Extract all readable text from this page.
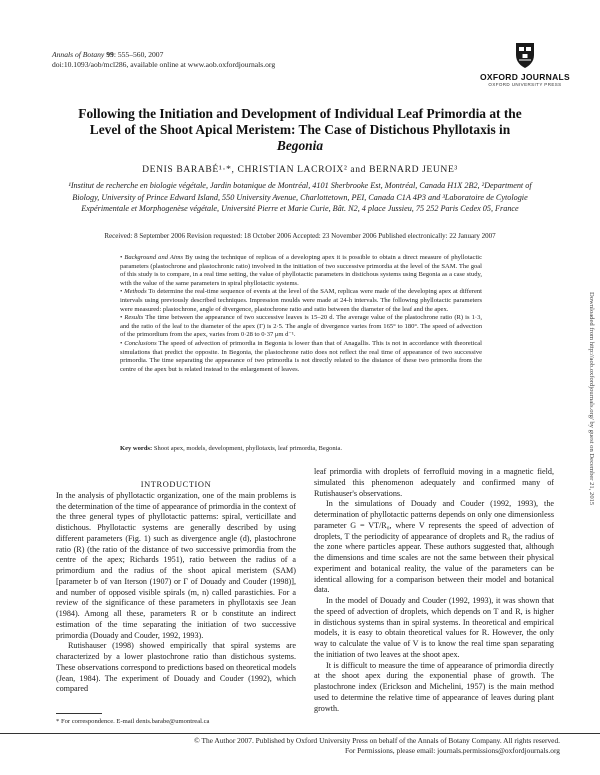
Annals of Botany 99: 555–560, 2007
doi:10.1093/aob/mcl286, available online at www.aob.oxfordjournals.org
OXFORD JOURNALS
OXFORD UNIVERSITY PRESS
Following the Initiation and Development of Individual Leaf Primordia at the Level of the Shoot Apical Meristem: The Case of Distichous Phyllotaxis in Begonia
DENIS BARABÉ¹·*, CHRISTIAN LACROIX² and BERNARD JEUNE³
¹Institut de recherche en biologie végétale, Jardin botanique de Montréal, 4101 Sherbrooke Est, Montréal, Canada H1X 2B2, ²Department of Biology, University of Prince Edward Island, 550 University Avenue, Charlottetown, PEI, Canada C1A 4P3 and ³Laboratoire de Cytologie Expérimentale et Morphogenèse végétale, Université Pierre et Marie Curie, Bât. N2, 4 place Jussieu, 75 252 Paris Cedex 05, France
Received: 8 September 2006 Revision requested: 18 October 2006 Accepted: 23 November 2006 Published electronically: 22 January 2007

• Background and Aims By using the technique of replicas of a developing apex it is possible to obtain a direct measure of phyllotactic parameters (plastochrone and plastochronic ratio) involved in the initiation of two successive primordia at the level of the SAM. The goal of this study is to compare, in a real time setting, the value of phyllotactic parameters in distichous systems using Begonia as a case study, with the value of the same parameters in spiral phyllotactic systems.

• Methods To determine the real-time sequence of events at the level of the SAM, replicas were made of the developing apex at different intervals using previously described techniques. Impression moulds were made at 24-h intervals. The following phyllotactic parameters were measured: plastochrone, angle of divergence, plastochrone ratio and ratio between the diameter of the leaf and the apex.

• Results The time between the appearance of two successive leaves is 15–20 d. The average value of the plastochrone ratio (R) is 1·3, and the ratio of the leaf to the diameter of the apex (Γ) is 2·5. The angle of divergence varies from 165° to 180°. The speed of advection of the primordium from the apex, varies from 0·28 to 0·37 μm d⁻¹.

• Conclusions The speed of advection of primordia in Begonia is lower than that of Anagallis. This is not in accordance with theoretical simulations that predict the opposite. In Begonia, the plastochrone ratio does not reflect the real time of appearance of two successive primordia. The time separating the appearance of two primordia is not directly related to the distance of these two primordia from the centre of the apex but is related instead to the enlargement of leaves.

Key words: Shoot apex, models, development, phyllotaxis, leaf primordia, Begonia.

INTRODUCTION

In the analysis of phyllotactic organization, one of the main problems is the determination of the time of appearance of primordia in the context of the three general types of phyllotactic patterns: spiral, verticillate and distichous. Phyllotactic systems are generally described by using different parameters (Fig. 1) such as divergence angle (d), plastochrone ratio (R) (the ratio of the distance of two successive primordia from the centre of the apex; Richards 1951), ratio between the radius of a primordium and the radius of the shoot apical meristem (SAM) [parameter b of van Iterson (1907) or Γ of Douady and Couder (1998)], and number of opposed visible spirals (m, n) called parastichies. For a review of the significance of these parameters in phyllotaxis see Jean (1984). Among all these, parameters R or b constitute an indirect estimation of the time separating the initiation of two successive primordia (Douady and Couder, 1992, 1993).

Rutishauser (1998) showed empirically that spiral systems are characterized by a lower plastochrone ratio than distichous systems. These observations correspond to predictions based on theoretical models (Jean, 1984). The experiment of Douady and Couder (1992), which compared

leaf primordia with droplets of ferrofluid moving in a magnetic field, simulated this phenomenon adequately and confirmed many of Rutishauser's observations.

In the simulations of Douady and Couder (1992, 1993), the determination of phyllotactic patterns depends on only one dimensionless parameter G = VT/R₀, where V represents the speed of advection of droplets, T the periodicity of appearance of droplets and R₀ the radius of the zone where particles appear. These authors suggested that, although the dimensions and time scales are not the same between their physical experiment and botanical reality, the value of the parameters can be identical allowing for a comparison between their model and botanical data.

In the model of Douady and Couder (1992, 1993), it was shown that the speed of advection of droplets, which depends on T and R, is higher in distichous systems than in spiral systems. In theoretical and empirical models, it is easy to obtain theoretical values for R. However, the only way to calculate the value of V is to know the real time span separating the initiation of two leaves at the shoot apex.

It is difficult to measure the time of appearance of primordia directly at the shoot apex during the exponential phase of growth. The plastochrone index (Erickson and Michelini, 1957) is the main method used to determine the relative time of appearance of leaves during plant growth.

* For correspondence. E-mail denis.barabe@umontreal.ca
© The Author 2007. Published by Oxford University Press on behalf of the Annals of Botany Company. All rights reserved.
For Permissions, please email: journals.permissions@oxfordjournals.org
Downloaded from http://aob.oxfordjournals.org/ by guest on December 21, 2015
